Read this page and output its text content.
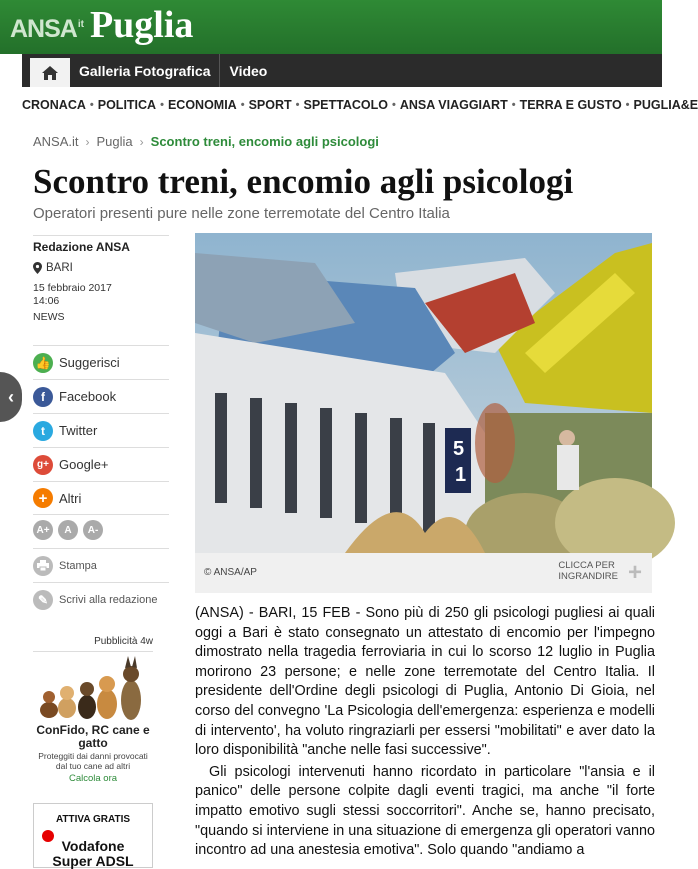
ANSA it Puglia
Galleria Fotografica	Video
CRONACA • POLITICA • ECONOMIA • SPORT • SPETTACOLO • ANSA VIAGGIART • TERRA E GUSTO • PUGLIA&E
ANSA.it › Puglia › Scontro treni, encomio agli psicologi
Scontro treni, encomio agli psicologi
Operatori presenti pure nelle zone terremotate del Centro Italia
Redazione ANSA
BARI
15 febbraio 2017
14:06
NEWS
👍 Suggerisci
f	Facebook
t	Twitter
g+ Google+
+ Altri
A+	A	A-
Stampa
✎ Scrivi alla redazione
Pubblicità 4w
ConFido, RC cane e gatto
Proteggiti dai danni provocati dal tuo cane ad altri
Calcola ora
ATTIVA GRATIS
Vodafone
Super ADSL
5
1
© ANSA/AP
CLICCA PER
INGRANDIRE +

(ANSA) - BARI, 15 FEB - Sono più di 250 gli psicologi pugliesi ai quali oggi a Bari è stato consegnato un attestato di encomio per l'impegno dimostrato nella tragedia ferroviaria in cui lo scorso 12 luglio in Puglia morirono 23 persone; e nelle zone terremotate del Centro Italia. Il presidente dell'Ordine degli psicologi di Puglia, Antonio Di Gioia, nel corso del convegno 'La Psicologia dell'emergenza: esperienza e modelli di intervento', ha voluto ringraziarli per essersi "mobilitati" e aver dato la loro disponibilità "anche nelle fasi successive".

Gli psicologi intervenuti hanno ricordato in particolare "l'ansia e il panico" delle persone colpite dagli eventi tragici, ma anche "il forte impatto emotivo sugli stessi soccorritori". Anche se, hanno precisato, "quando si interviene in una situazione di emergenza gli operatori vanno incontro ad una anestesia emotiva". Solo quando "andiamo a

‹
